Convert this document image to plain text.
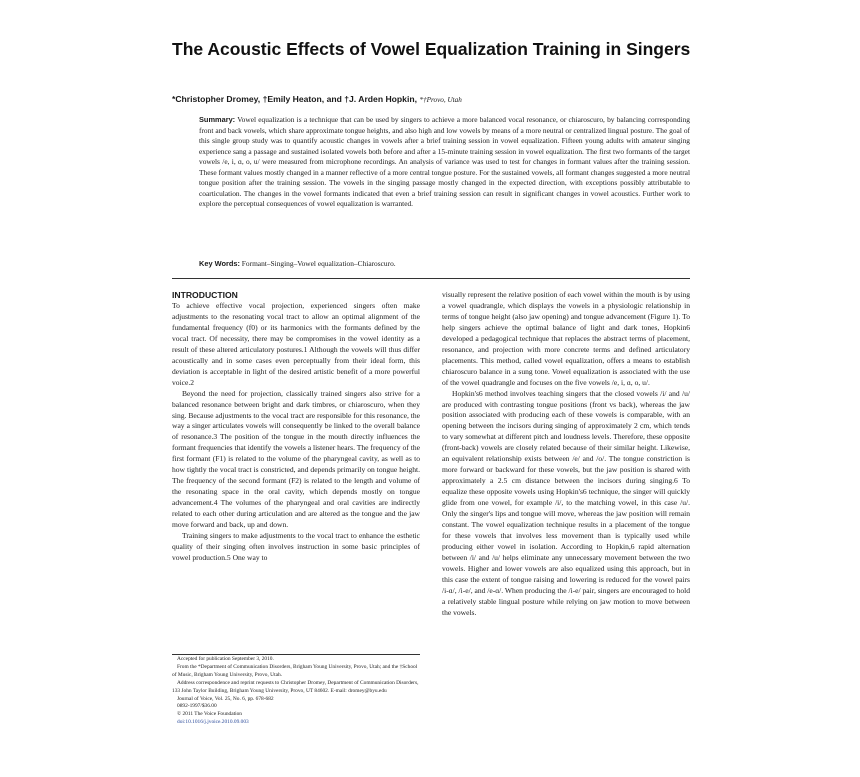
The Acoustic Effects of Vowel Equalization Training in Singers
*Christopher Dromey, †Emily Heaton, and †J. Arden Hopkin, *†Provo, Utah
Summary: Vowel equalization is a technique that can be used by singers to achieve a more balanced vocal resonance, or chiaroscuro, by balancing corresponding front and back vowels, which share approximate tongue heights, and also high and low vowels by means of a more neutral or centralized lingual posture. The goal of this single group study was to quantify acoustic changes in vowels after a brief training session in vowel equalization. Fifteen young adults with amateur singing experience sang a passage and sustained isolated vowels both before and after a 15-minute training session in vowel equalization. The first two formants of the target vowels /e, i, ɑ, o, u/ were measured from microphone recordings. An analysis of variance was used to test for changes in formant values after the training session. These formant values mostly changed in a manner reflective of a more central tongue posture. For the sustained vowels, all formant changes suggested a more neutral tongue position after the training session. The vowels in the singing passage mostly changed in the expected direction, with exceptions possibly attributable to coarticulation. The changes in the vowel formants indicated that even a brief training session can result in significant changes in vowel acoustics. Further work to explore the perceptual consequences of vowel equalization is warranted.
Key Words: Formant–Singing–Vowel equalization–Chiaroscuro.
INTRODUCTION

To achieve effective vocal projection, experienced singers often make adjustments to the resonating vocal tract to allow an optimal alignment of the fundamental frequency (f0) or its harmonics with the formants defined by the vocal tract. Of necessity, there may be compromises in the vowel identity as a result of these altered articulatory postures.1 Although the vowels will thus differ acoustically and in some cases even perceptually from their ideal form, this deviation is acceptable in light of the desired artistic benefit of a more powerful voice.2

Beyond the need for projection, classically trained singers also strive for a balanced resonance between bright and dark timbres, or chiaroscuro, when they sing. Because adjustments to the vocal tract are responsible for this resonance, the way a singer articulates vowels will consequently be linked to the overall balance of resonance.3 The position of the tongue in the mouth directly influences the formant frequencies that identify the vowels a listener hears. The frequency of the first formant (F1) is related to the volume of the pharyngeal cavity, as well as to how tightly the vocal tract is constricted, and depends primarily on tongue height. The frequency of the second formant (F2) is related to the length and volume of the resonating space in the oral cavity, which depends mostly on tongue advancement.4 The volumes of the pharyngeal and oral cavities are indirectly related to each other during articulation and are altered as the tongue and the jaw move forward and back, up and down.

Training singers to make adjustments to the vocal tract to enhance the esthetic quality of their singing often involves instruction in some basic principles of vowel production.5 One way to

visually represent the relative position of each vowel within the mouth is by using a vowel quadrangle, which displays the vowels in a physiologic relationship in terms of tongue height (also jaw opening) and tongue advancement (Figure 1). To help singers achieve the optimal balance of light and dark tones, Hopkin6 developed a pedagogical technique that replaces the abstract terms of placement, resonance, and projection with more concrete terms and defined articulatory placements. This method, called vowel equalization, offers a means to establish chiaroscuro balance in a sung tone. Vowel equalization is associated with the use of the vowel quadrangle and focuses on the five vowels /e, i, ɑ, o, u/.

Hopkin's6 method involves teaching singers that the closed vowels /i/ and /u/ are produced with contrasting tongue positions (front vs back), whereas the jaw position associated with producing each of these vowels is comparable, with an opening between the incisors during singing of approximately 2 cm, which tends to vary somewhat at different pitch and loudness levels. Therefore, these opposite (front-back) vowels are closely related because of their similar height. Likewise, an equivalent relationship exists between /e/ and /o/. The tongue constriction is more forward or backward for these vowels, but the jaw position is shared with approximately a 2.5 cm distance between the incisors during singing.6 To equalize these opposite vowels using Hopkin's6 technique, the singer will quickly glide from one vowel, for example /i/, to the matching vowel, in this case /u/. Only the singer's lips and tongue will move, whereas the jaw position will remain constant. The vowel equalization technique results in a placement of the tongue for these vowels that involves less movement than is typically used while producing either vowel in isolation. According to Hopkin,6 rapid alternation between /i/ and /u/ helps eliminate any unnecessary movement between the two vowels. Higher and lower vowels are also equalized using this approach, but in this case the extent of tongue raising and lowering is reduced for the vowel pairs /i-ɑ/, /i-e/, and /e-ɑ/. When producing the /i-e/ pair, singers are encouraged to hold a relatively stable lingual posture while relying on jaw motion to move between the vowels.

Accepted for publication September 3, 2010.
From the *Department of Communication Disorders, Brigham Young University, Provo, Utah; and the †School of Music, Brigham Young University, Provo, Utah.
Address correspondence and reprint requests to Christopher Dromey, Department of Communication Disorders, 133 John Taylor Building, Brigham Young University, Provo, UT 84602. E-mail: dromey@byu.edu
Journal of Voice, Vol. 25, No. 6, pp. 678-682
0892-1997/$36.00
© 2011 The Voice Foundation
doi:10.1016/j.jvoice.2010.09.003
